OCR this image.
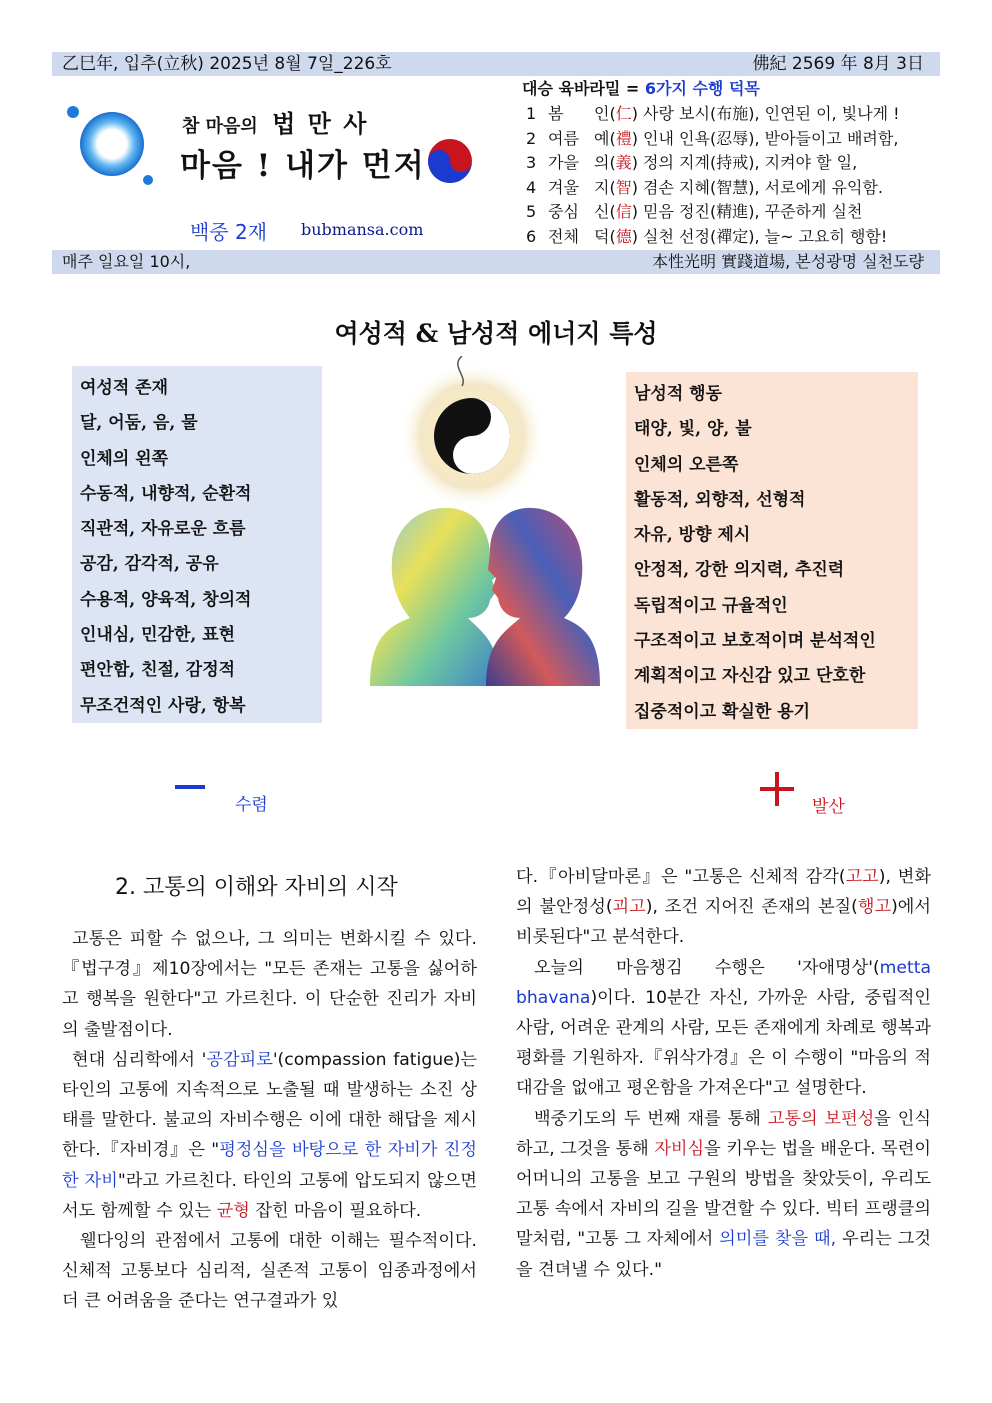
乙巳年, 입추(立秋) 2025년 8월 7일_226호	佛紀 2569 年 8月 3日
참 마음의 법 만 사
마음 ! 내가 먼저
백중 2재 bubmansa.com
대승 육바라밀 = 6가지 수행 덕목
1 봄 인(仁) 사랑 보시(布施), 인연된 이, 빛나게 !
2 여름 예(禮) 인내 인욕(忍辱), 받아들이고 배려함,
3 가을 의(義) 정의 지계(持戒), 지켜야 할 일,
4 겨울 지(智) 겸손 지혜(智慧), 서로에게 유익함.
5 중심 신(信) 믿음 정진(精進), 꾸준하게 실천
6 전체 덕(德) 실천 선정(禪定), 늘~ 고요히 행함!
매주 일요일 10시,	本性光明 實踐道場, 본성광명 실천도량
여성적 & 남성적 에너지 특성
여성적 존재
달, 어둠, 음, 물
인체의 왼쪽
수동적, 내향적, 순환적
직관적, 자유로운 흐름
공감, 감각적, 공유
수용적, 양육적, 창의적
인내심, 민감한, 표현
편안함, 친절, 감정적
무조건적인 사랑, 항복
남성적 행동
태양, 빛, 양, 불
인체의 오른쪽
활동적, 외향적, 선형적
자유, 방향 제시
안정적, 강한 의지력, 추진력
독립적이고 규율적인
구조적이고 보호적이며 분석적인
계획적이고 자신감 있고 단호한
집중적이고 확실한 용기
수렴	발산
2. 고통의 이해와 자비의 시작

고통은 피할 수 없으나, 그 의미는 변화시킬 수 있다.『법구경』제10장에서는 "모든 존재는 고통을 싫어하고 행복을 원한다"고 가르친다. 이 단순한 진리가 자비의 출발점이다.

현대 심리학에서 '공감피로'(compassion fatigue)는 타인의 고통에 지속적으로 노출될 때 발생하는 소진 상태를 말한다. 불교의 자비수행은 이에 대한 해답을 제시한다.『자비경』은 "평정심을 바탕으로 한 자비가 진정한 자비"라고 가르친다. 타인의 고통에 압도되지 않으면서도 함께할 수 있는 균형 잡힌 마음이 필요하다.

웰다잉의 관점에서 고통에 대한 이해는 필수적이다. 신체적 고통보다 심리적, 실존적 고통이 임종과정에서 더 큰 어려움을 준다는 연구결과가 있

다.『아비달마론』은 "고통은 신체적 감각(고고), 변화의 불안정성(괴고), 조건 지어진 존재의 본질(행고)에서 비롯된다"고 분석한다.

오늘의 마음챙김 수행은 '자애명상'(metta bhavana)이다. 10분간 자신, 가까운 사람, 중립적인 사람, 어려운 관계의 사람, 모든 존재에게 차례로 행복과 평화를 기원하자.『위삭가경』은 이 수행이 "마음의 적대감을 없애고 평온함을 가져온다"고 설명한다.

백중기도의 두 번째 재를 통해 고통의 보편성을 인식하고, 그것을 통해 자비심을 키우는 법을 배운다. 목련이 어머니의 고통을 보고 구원의 방법을 찾았듯이, 우리도 고통 속에서 자비의 길을 발견할 수 있다. 빅터 프랭클의 말처럼, "고통 그 자체에서 의미를 찾을 때, 우리는 그것을 견뎌낼 수 있다."
